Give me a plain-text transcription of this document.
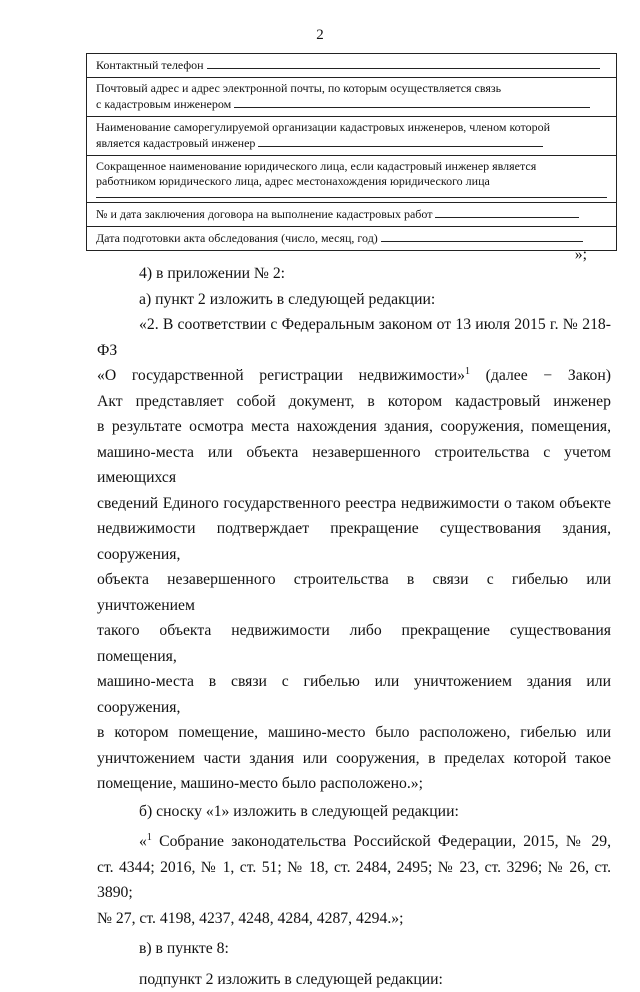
2
Контактный телефон

Почтовый адрес и адрес электронной почты, по которым осуществляется связь
с кадастровым инженером

Наименование саморегулируемой организации кадастровых инженеров, членом которой
является кадастровый инженер

Сокращенное наименование юридического лица, если кадастровый инженер является
работником юридического лица, адрес местонахождения юридического лица

№ и дата заключения договора на выполнение кадастровых работ
Дата подготовки акта обследования (число, месяц, год)

»;

4) в приложении № 2:

а) пункт 2 изложить в следующей редакции:

«2. В соответствии с Федеральным законом от 13 июля 2015 г. № 218-ФЗ

«О государственной регистрации недвижимости»$^1$ (далее − Закон)

Акт представляет собой документ, в котором кадастровый инженер

в результате осмотра места нахождения здания, сооружения, помещения,

машино-места или объекта незавершенного строительства с учетом имеющихся

сведений Единого государственного реестра недвижимости о таком объекте

недвижимости подтверждает прекращение существования здания, сооружения,

объекта незавершенного строительства в связи с гибелью или уничтожением

такого объекта недвижимости либо прекращение существования помещения,

машино-места в связи с гибелью или уничтожением здания или сооружения,

в котором помещение, машино-место было расположено, гибелью или

уничтожением части здания или сооружения, в пределах которой такое

помещение, машино-место было расположено.»;

б) сноску «1» изложить в следующей редакции:

«$^1$ Собрание законодательства Российской Федерации, 2015, № 29,

ст. 4344; 2016, № 1, ст. 51; № 18, ст. 2484, 2495; № 23, ст. 3296; № 26, ст. 3890;

№ 27, ст. 4198, 4237, 4248, 4284, 4287, 4294.»;

в) в пункте 8:

подпункт 2 изложить в следующей редакции:
